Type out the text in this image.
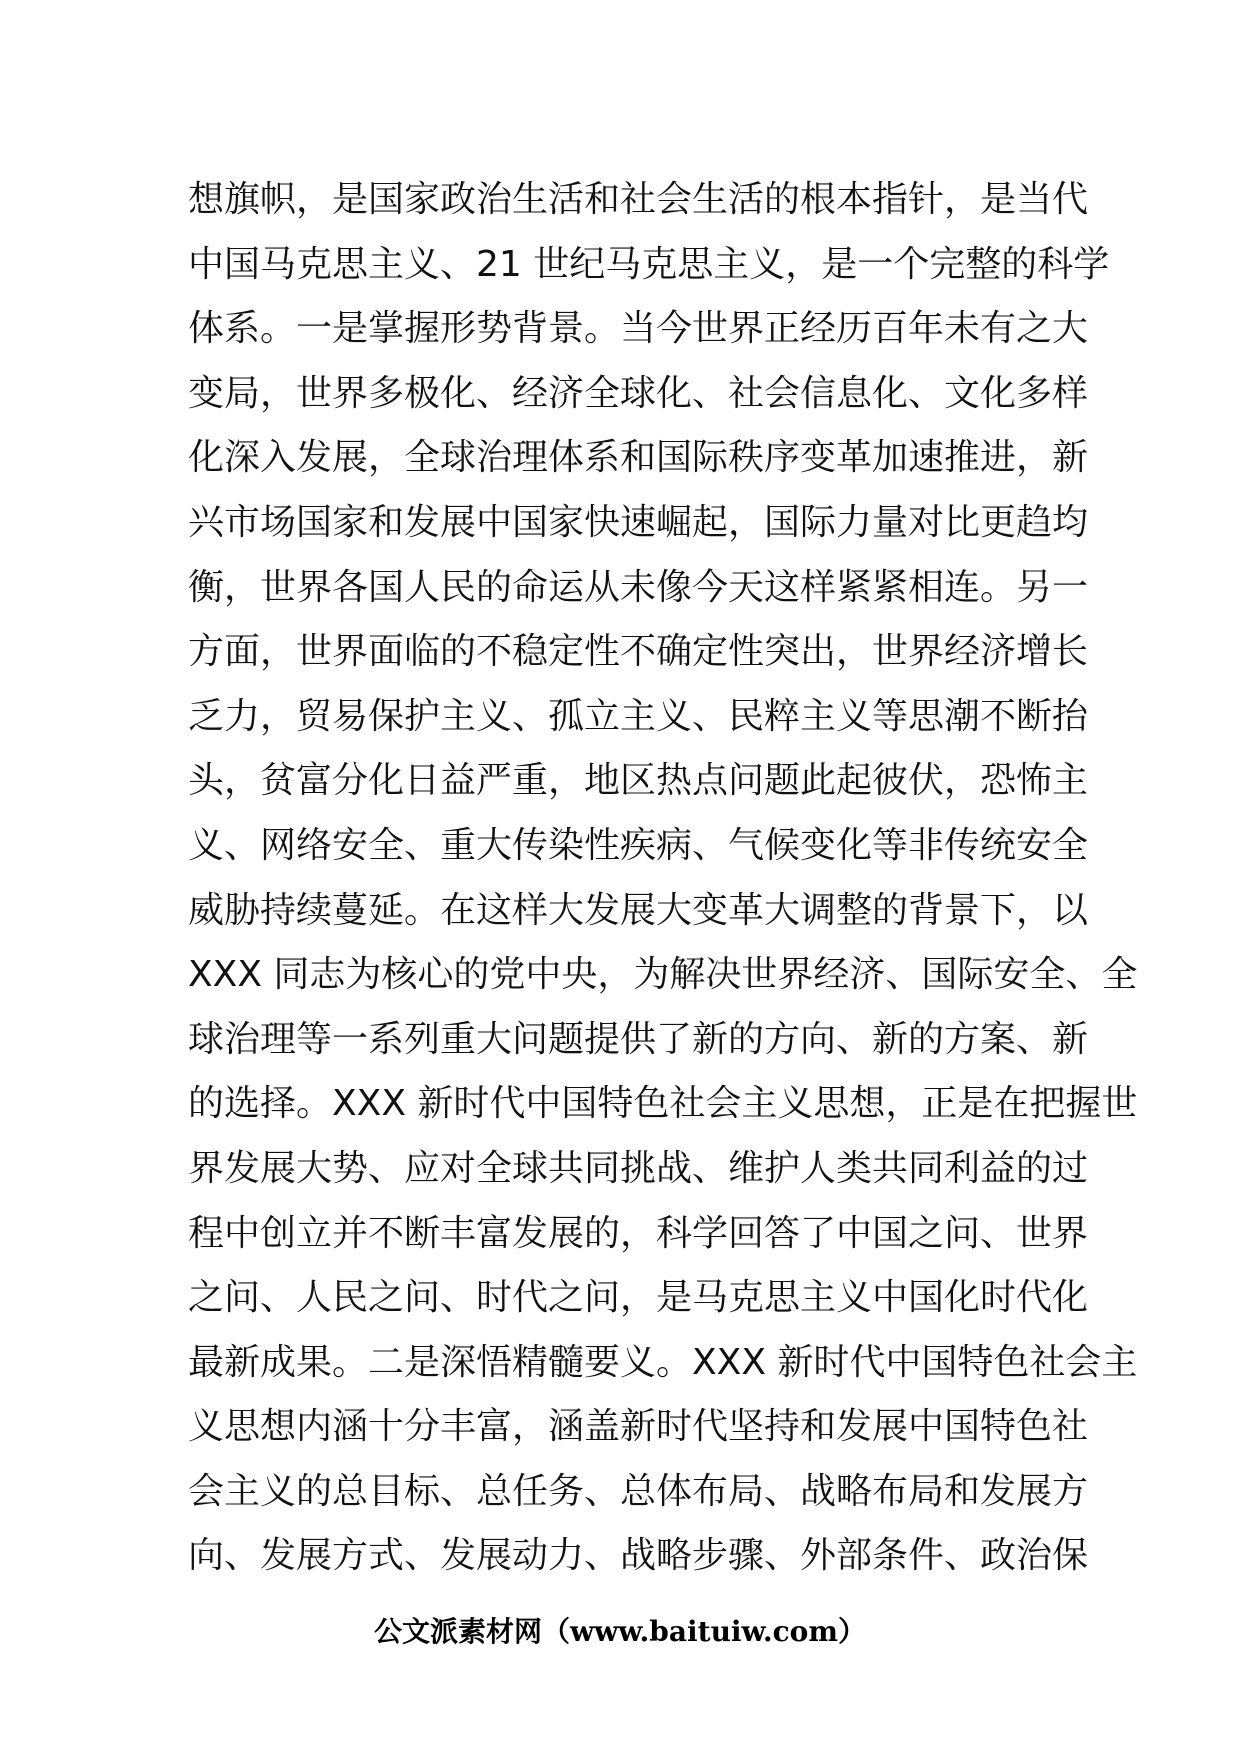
想旗帜，是国家政治生活和社会生活的根本指针，是当代
中国马克思主义、21 世纪马克思主义，是一个完整的科学
体系。一是掌握形势背景。当今世界正经历百年未有之大
变局，世界多极化、经济全球化、社会信息化、文化多样
化深入发展，全球治理体系和国际秩序变革加速推进，新
兴市场国家和发展中国家快速崛起，国际力量对比更趋均
衡，世界各国人民的命运从未像今天这样紧紧相连。另一
方面，世界面临的不稳定性不确定性突出，世界经济增长
乏力，贸易保护主义、孤立主义、民粹主义等思潮不断抬
头，贫富分化日益严重，地区热点问题此起彼伏，恐怖主
义、网络安全、重大传染性疾病、气候变化等非传统安全
威胁持续蔓延。在这样大发展大变革大调整的背景下，以
XXX 同志为核心的党中央，为解决世界经济、国际安全、全
球治理等一系列重大问题提供了新的方向、新的方案、新
的选择。XXX 新时代中国特色社会主义思想，正是在把握世
界发展大势、应对全球共同挑战、维护人类共同利益的过
程中创立并不断丰富发展的，科学回答了中国之问、世界
之问、人民之问、时代之问，是马克思主义中国化时代化
最新成果。二是深悟精髓要义。XXX 新时代中国特色社会主
义思想内涵十分丰富，涵盖新时代坚持和发展中国特色社
会主义的总目标、总任务、总体布局、战略布局和发展方
向、发展方式、发展动力、战略步骤、外部条件、政治保
公文派素材网（www.baituiw.com）
